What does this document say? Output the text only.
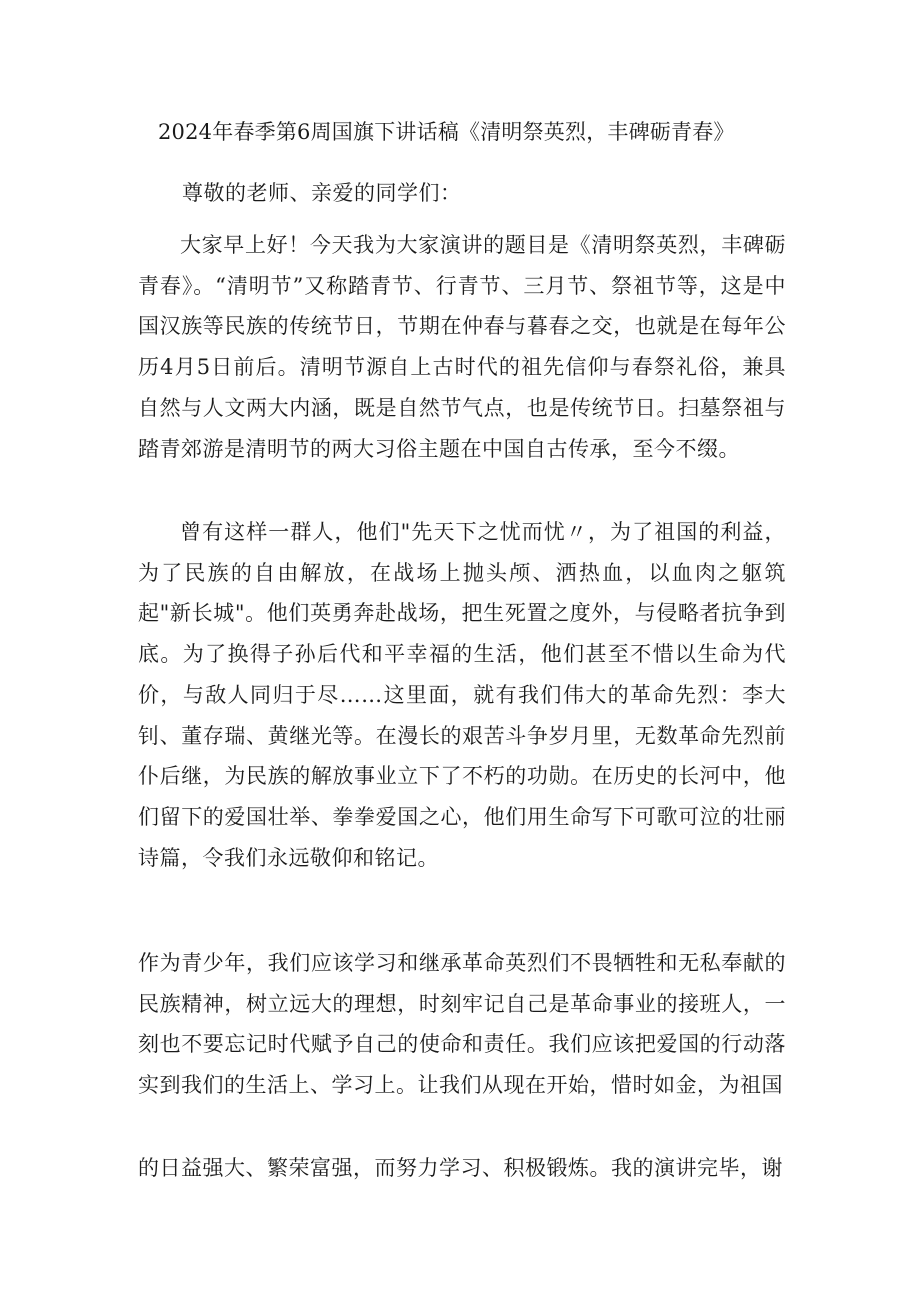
2024年春季第6周国旗下讲话稿《清明祭英烈，丰碑砺青春》

尊敬的老师、亲爱的同学们：

大家早上好！今天我为大家演讲的题目是《清明祭英烈，丰碑砺青春》。“清明节”又称踏青节、行青节、三月节、祭祖节等，这是中国汉族等民族的传统节日，节期在仲春与暮春之交，也就是在每年公历4月5日前后。清明节源自上古时代的祖先信仰与春祭礼俗，兼具自然与人文两大内涵，既是自然节气点，也是传统节日。扫墓祭祖与踏青郊游是清明节的两大习俗主题在中国自古传承，至今不缀。

曾有这样一群人，他们"先天下之忧而忧〃，为了祖国的利益，为了民族的自由解放，在战场上抛头颅、洒热血，以血肉之躯筑起"新长城"。他们英勇奔赴战场，把生死置之度外，与侵略者抗争到底。为了换得子孙后代和平幸福的生活，他们甚至不惜以生命为代价，与敌人同归于尽……这里面，就有我们伟大的革命先烈：李大钊、董存瑞、黄继光等。在漫长的艰苦斗争岁月里，无数革命先烈前仆后继，为民族的解放事业立下了不朽的功勋。在历史的长河中，他们留下的爱国壮举、拳拳爱国之心，他们用生命写下可歌可泣的壮丽诗篇，令我们永远敬仰和铭记。

作为青少年，我们应该学习和继承革命英烈们不畏牺牲和无私奉献的民族精神，树立远大的理想，时刻牢记自己是革命事业的接班人，一刻也不要忘记时代赋予自己的使命和责任。我们应该把爱国的行动落实到我们的生活上、学习上。让我们从现在开始，惜时如金，为祖国

的日益强大、繁荣富强，而努力学习、积极锻炼。我的演讲完毕，谢
